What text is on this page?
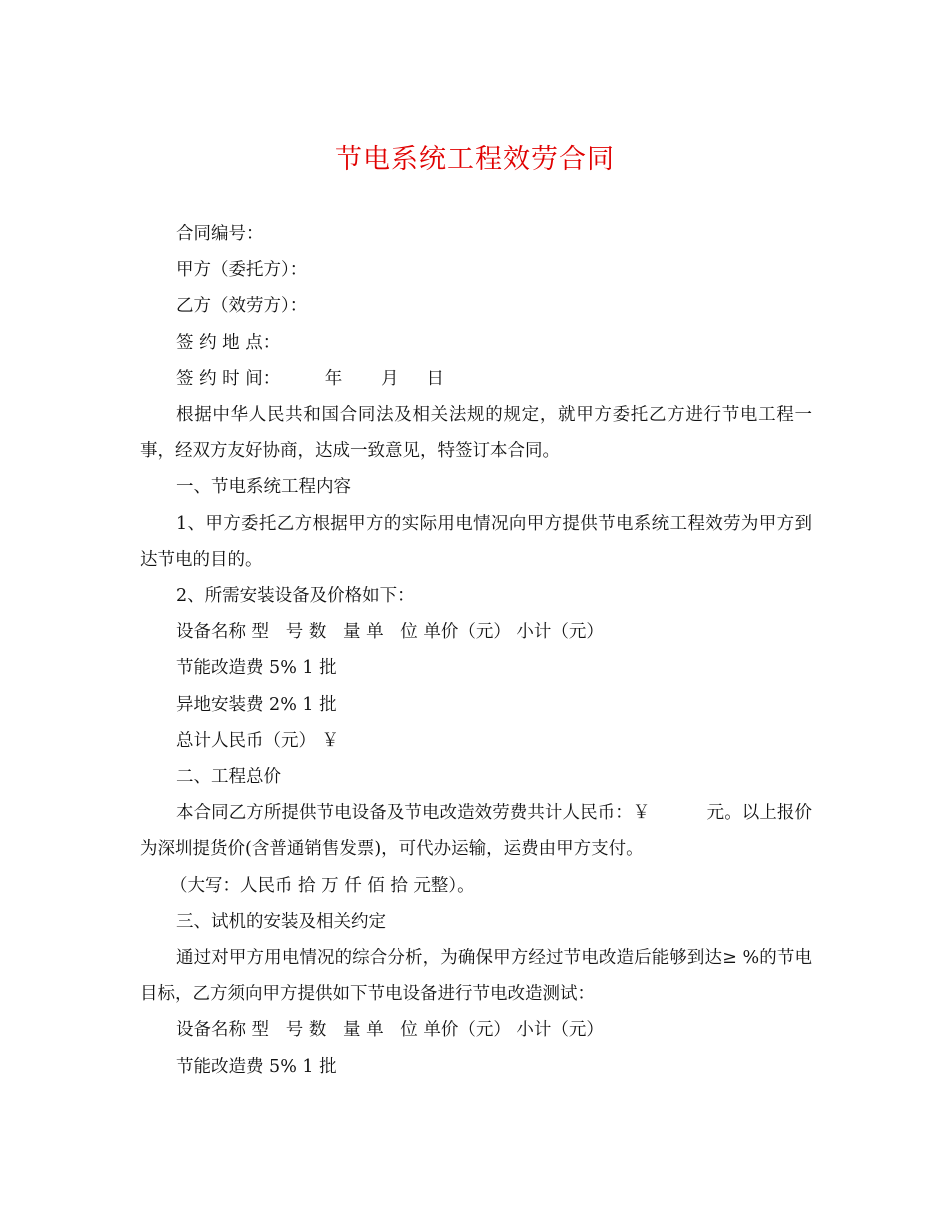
节电系统工程效劳合同

合同编号：

甲方（委托方）：

乙方（效劳方）：

签 约 地 点：

签 约 时 间：        年       月     日

根据中华人民共和国合同法及相关法规的规定，就甲方委托乙方进行节电工程一事，经双方友好协商，达成一致意见，特签订本合同。

一、节电系统工程内容

1、甲方委托乙方根据甲方的实际用电情况向甲方提供节电系统工程效劳为甲方到达节电的目的。

2、所需安装设备及价格如下：

设备名称 型   号 数   量 单   位 单价（元） 小计（元）

节能改造费 5% 1 批

异地安装费 2% 1 批

总计人民币（元） ￥

二、工程总价

本合同乙方所提供节电设备及节电改造效劳费共计人民币：￥          元。以上报价为深圳提货价(含普通销售发票)，可代办运输，运费由甲方支付。

（大写：人民币 拾 万 仟 佰 拾 元整）。

三、试机的安装及相关约定

通过对甲方用电情况的综合分析，为确保甲方经过节电改造后能够到达≥ %的节电目标，乙方须向甲方提供如下节电设备进行节电改造测试：

设备名称 型   号 数   量 单   位 单价（元） 小计（元）

节能改造费 5% 1 批
